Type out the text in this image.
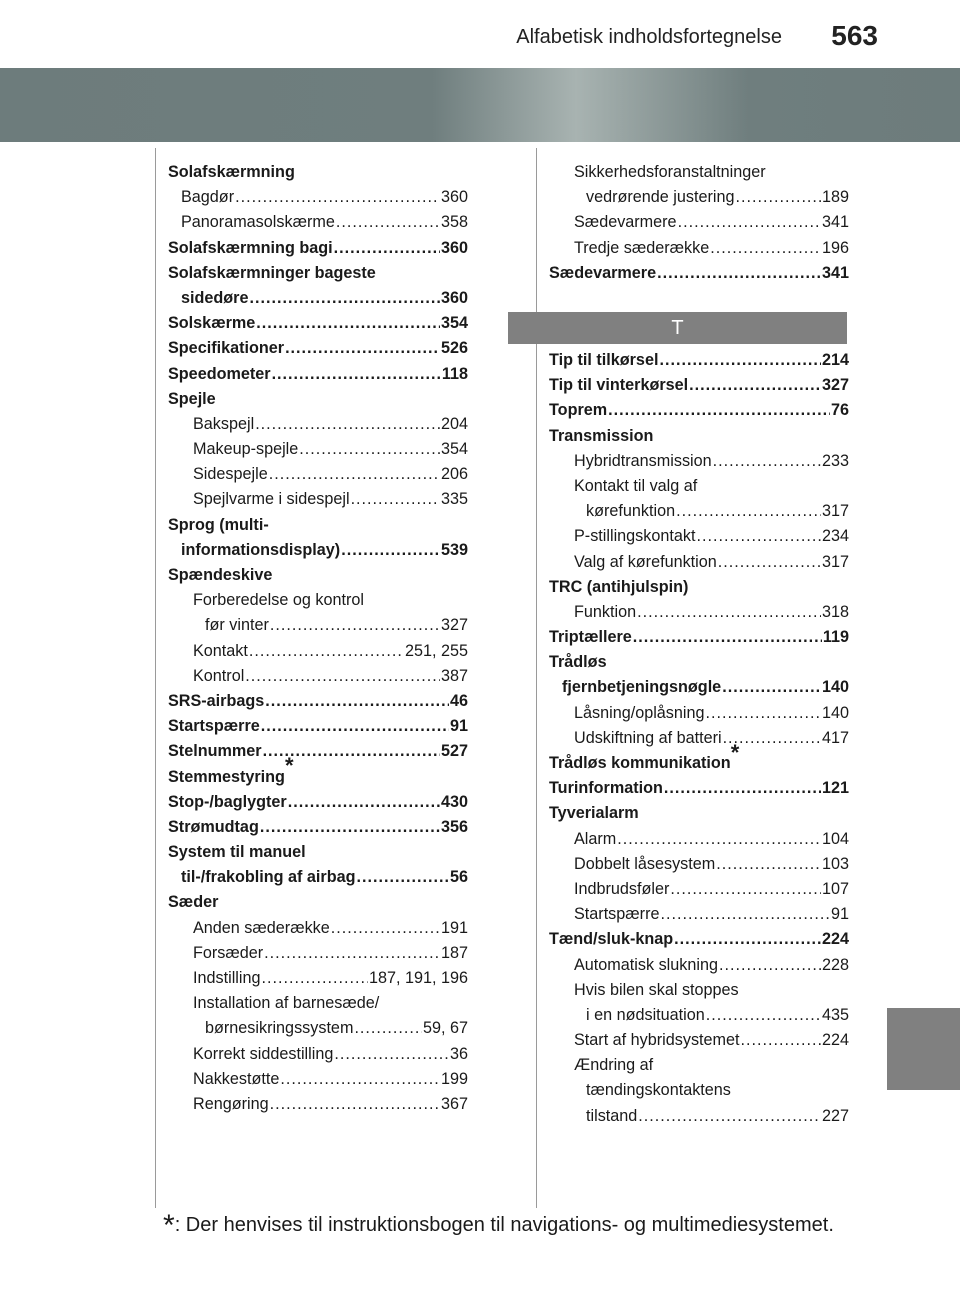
Alfabetisk indholdsfortegnelse 563
Solafskærmning
Bagdør .....	360
Panoramasolskærme .....	358
Solafskærmning bagi .....	360
Solafskærmninger bageste
sidedøre .....	360
Solskærme .....	354
Specifikationer .....	526
Speedometer .....	118
Spejle
Bakspejl .....	204
Makeup-spejle .....	354
Sidespejle .....	206
Spejlvarme i sidespejl .....	335
Sprog (multi-
informationsdisplay) .....	539
Spændeskive
Forberedelse og kontrol
før vinter .....	327
Kontakt .....	251, 255
Kontrol .....	387
SRS-airbags .....	46
Startspærre .....	91
Stelnummer .....	527
Stemmestyring*
Stop-/baglygter .....	430
Strømudtag .....	356
System til manuel
til-/frakobling af airbag .....	56
Sæder
Anden sæderække .....	191
Forsæder .....	187
Indstilling .....	187, 191, 196
Installation af barnesæde/
børnesikringssystem .....	59, 67
Korrekt siddestilling .....	36
Nakkestøtte .....	199
Rengøring .....	367
Sikkerhedsforanstaltninger
vedrørende justering .....	189
Sædevarmere .....	341
Tredje sæderække .....	196
Sædevarmere .....	341
T
Tip til tilkørsel .....	214
Tip til vinterkørsel .....	327
Toprem .....	76
Transmission
Hybridtransmission .....	233
Kontakt til valg af
kørefunktion .....	317
P-stillingskontakt .....	234
Valg af kørefunktion .....	317
TRC (antihjulspin)
Funktion .....	318
Triptællere .....	119
Trådløs
fjernbetjeningsnøgle .....	140
Låsning/oplåsning .....	140
Udskiftning af batteri .....	417
Trådløs kommunikation*
Turinformation .....	121
Tyverialarm
Alarm .....	104
Dobbelt låsesystem .....	103
Indbrudsføler .....	107
Startspærre .....	91
Tænd/sluk-knap .....	224
Automatisk slukning .....	228
Hvis bilen skal stoppes
i en nødsituation .....	435
Start af hybridsystemet .....	224
Ændring af
tændingskontaktens
tilstand .....	227
*: Der henvises til instruktionsbogen til navigations- og multimediesystemet.
